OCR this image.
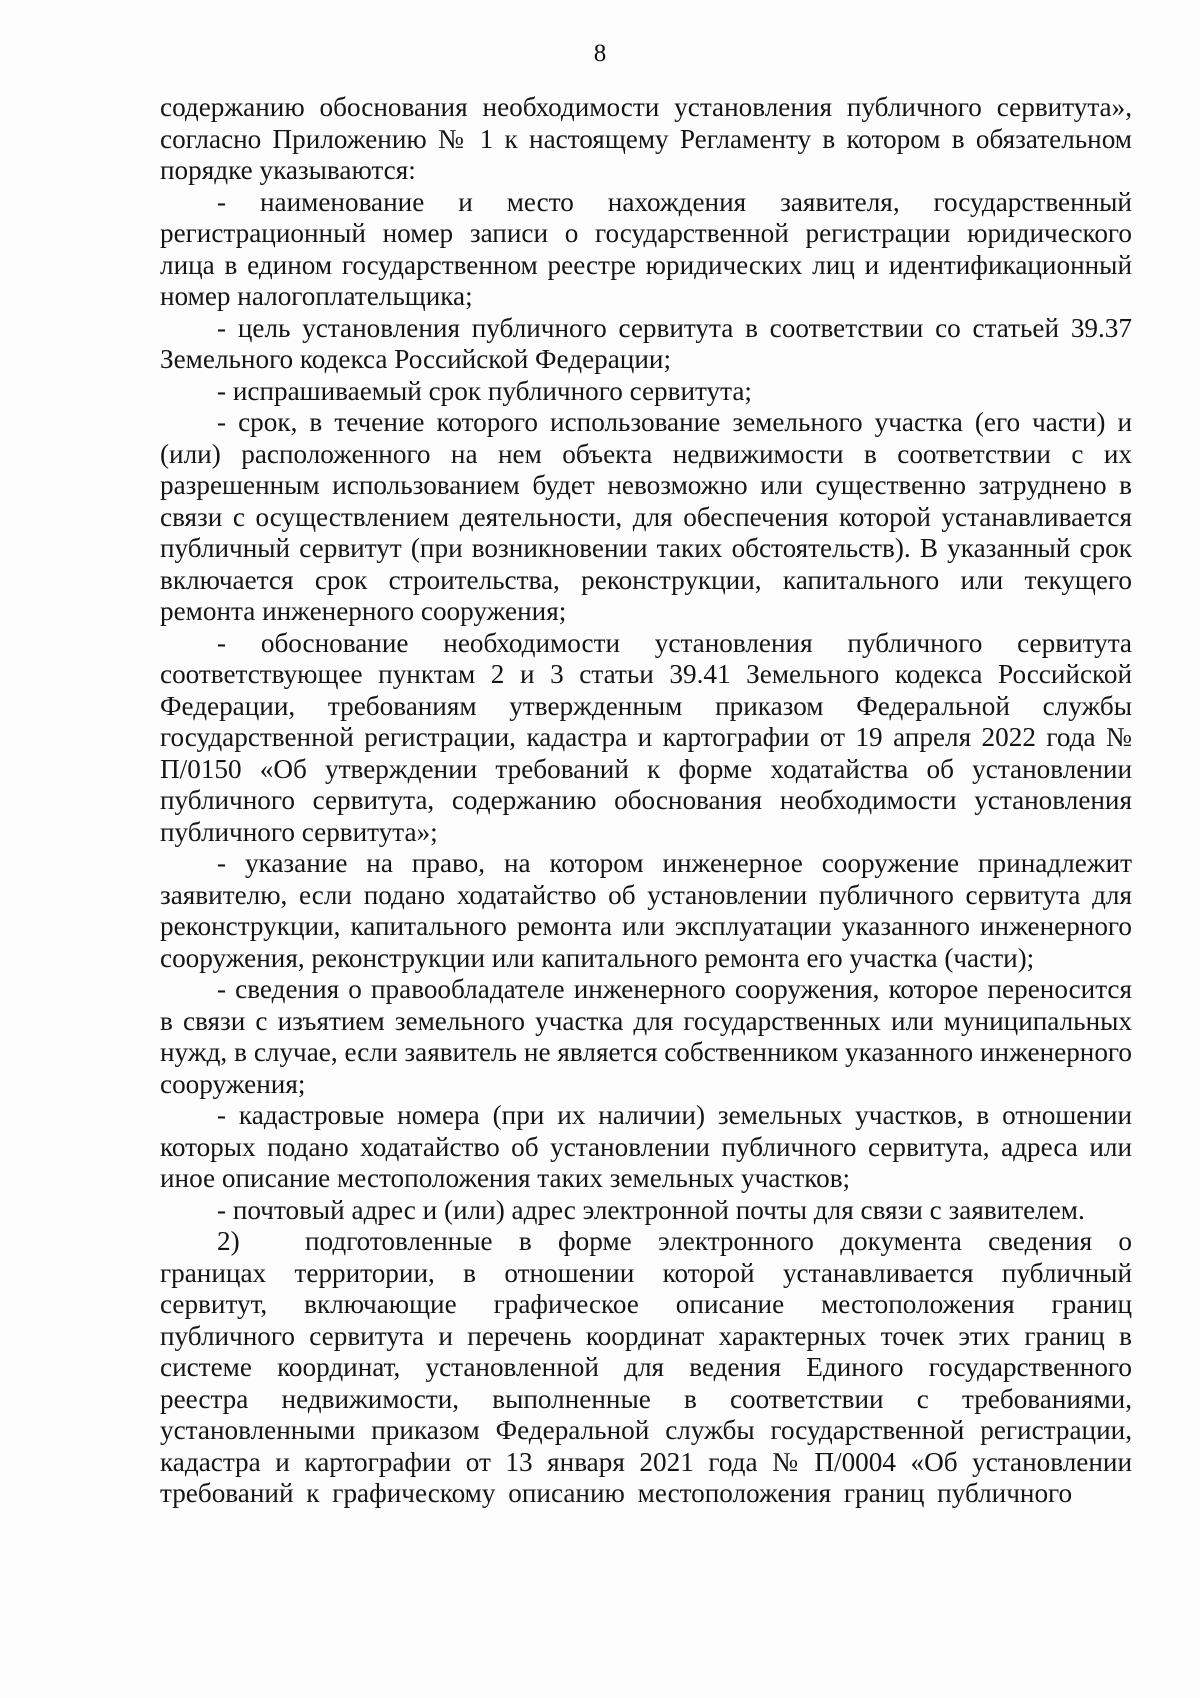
8

содержанию обоснования необходимости установления публичного сервитута», согласно Приложению № 1 к настоящему Регламенту в котором в обязательном порядке указываются:

- наименование и место нахождения заявителя, государственный регистрационный номер записи о государственной регистрации юридического лица в едином государственном реестре юридических лиц и идентификационный номер налогоплательщика;

- цель установления публичного сервитута в соответствии со статьей 39.37 Земельного кодекса Российской Федерации;

- испрашиваемый срок публичного сервитута;

- срок, в течение которого использование земельного участка (его части) и (или) расположенного на нем объекта недвижимости в соответствии с их разрешенным использованием будет невозможно или существенно затруднено в связи с осуществлением деятельности, для обеспечения которой устанавливается публичный сервитут (при возникновении таких обстоятельств). В указанный срок включается срок строительства, реконструкции, капитального или текущего ремонта инженерного сооружения;

- обоснование необходимости установления публичного сервитута соответствующее пунктам 2 и 3 статьи 39.41 Земельного кодекса Российской Федерации, требованиям утвержденным приказом Федеральной службы государственной регистрации, кадастра и картографии от 19 апреля 2022 года № П/0150 «Об утверждении требований к форме ходатайства об установлении публичного сервитута, содержанию обоснования необходимости установления публичного сервитута»;

- указание на право, на котором инженерное сооружение принадлежит заявителю, если подано ходатайство об установлении публичного сервитута для реконструкции, капитального ремонта или эксплуатации указанного инженерного сооружения, реконструкции или капитального ремонта его участка (части);

- сведения о правообладателе инженерного сооружения, которое переносится в связи с изъятием земельного участка для государственных или муниципальных нужд, в случае, если заявитель не является собственником указанного инженерного сооружения;

- кадастровые номера (при их наличии) земельных участков, в отношении которых подано ходатайство об установлении публичного сервитута, адреса или иное описание местоположения таких земельных участков;

- почтовый адрес и (или) адрес электронной почты для связи с заявителем.

2) подготовленные в форме электронного документа сведения о границах территории, в отношении которой устанавливается публичный сервитут, включающие графическое описание местоположения границ публичного сервитута и перечень координат характерных точек этих границ в системе координат, установленной для ведения Единого государственного реестра недвижимости, выполненные в соответствии с требованиями, установленными приказом Федеральной службы государственной регистрации, кадастра и картографии от 13 января 2021 года № П/0004 «Об установлении требований к графическому описанию местоположения границ публичного
